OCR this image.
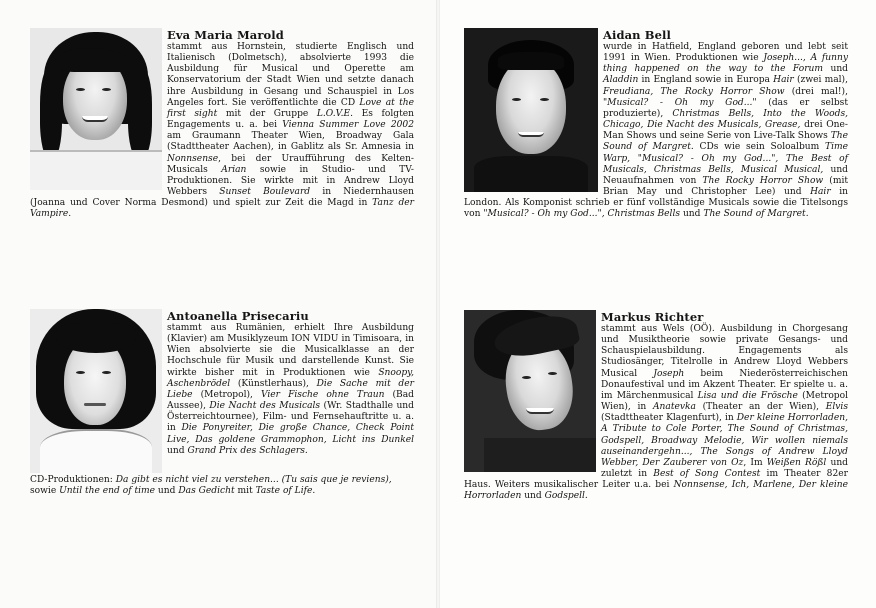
Eva Maria Marold
stammt aus Hornstein, studierte Englisch und Italienisch (Dolmetsch), absolvierte 1993 die Ausbildung für Musical und Operette am Konservatorium der Stadt Wien und setzte danach ihre Ausbildung in Gesang und Schauspiel in Los Angeles fort. Sie veröffentlichte die CD Love at the first sight mit der Gruppe L.O.V.E. Es folgten Engagements u. a. bei Vienna Summer Love 2002 am Graumann Theater Wien, Broadway Gala (Stadttheater Aachen), in Gablitz als Sr. Amnesia in Nonnsense, bei der Uraufführung des Kelten-Musicals Arian sowie in Studio- und TV-Produktionen. Sie wirkte mit in Andrew Lloyd Webbers Sunset Boulevard in Niedernhausen (Joanna und Cover Norma Desmond) und spielt zur Zeit die Magd in Tanz der Vampire.

Aidan Bell
wurde in Hatfield, England geboren und lebt seit 1991 in Wien. Produktionen wie Joseph..., A funny thing happened on the way to the Forum und Aladdin in England sowie in Europa Hair (zwei mal), Freudiana, The Rocky Horror Show (drei mal!), "Musical? - Oh my God..." (das er selbst produzierte), Christmas Bells, Into the Woods, Chicago, Die Nacht des Musicals, Grease, drei One-Man Shows und seine Serie von Live-Talk Shows The Sound of Margret. CDs wie sein Soloalbum Time Warp, "Musical? - Oh my God...", The Best of Musicals, Christmas Bells, Musical Musical, und Neuaufnahmen von The Rocky Horror Show (mit Brian May und Christopher Lee) und Hair in London. Als Komponist schrieb er fünf vollständige Musicals sowie die Titelsongs von "Musical? - Oh my God...", Christmas Bells und The Sound of Margret.

Antoanella Prisecariu
stammt aus Rumänien, erhielt Ihre Ausbildung (Klavier) am Musiklyzeum ION VIDU in Timisoara, in Wien absolvierte sie die Musicalklasse an der Hochschule für Musik und darstellende Kunst. Sie wirkte bisher mit in Produktionen wie Snoopy, Aschenbrödel (Künstlerhaus), Die Sache mit der Liebe (Metropol), Vier Fische ohne Traun (Bad Aussee), Die Nacht des Musicals (Wr. Stadthalle und Österreichtournee), Film- und Fernsehauftritte u. a. in Die Ponyreiter, Die große Chance, Check Point Live, Das goldene Grammophon, Licht ins Dunkel und Grand Prix des Schlagers.

CD-Produktionen: Da gibt es nicht viel zu verstehen... (Tu sais que je reviens), sowie Until the end of time und Das Gedicht mit Taste of Life.

Markus Richter
stammt aus Wels (OÖ). Ausbildung in Chorgesang und Musiktheorie sowie private Gesangs- und Schauspielausbildung. Engagements als Studiosänger, Titelrolle in Andrew Lloyd Webbers Musical Joseph beim Niederösterreichischen Donaufestival und im Akzent Theater. Er spielte u. a. im Märchenmusical Lisa und die Frösche (Metropol Wien), in Anatevka (Theater an der Wien), Elvis (Stadttheater Klagenfurt), in Der kleine Horrorladen, A Tribute to Cole Porter, The Sound of Christmas, Godspell, Broadway Melodie, Wir wollen niemals auseinandergehn..., The Songs of Andrew Lloyd Webber, Der Zauberer von Oz, Im Weißen Rößl und zuletzt in Best of Song Contest im Theater 82er Haus. Weiters musikalischer Leiter u.a. bei Nonnsense, Ich, Marlene, Der kleine Horrorladen und Godspell.
